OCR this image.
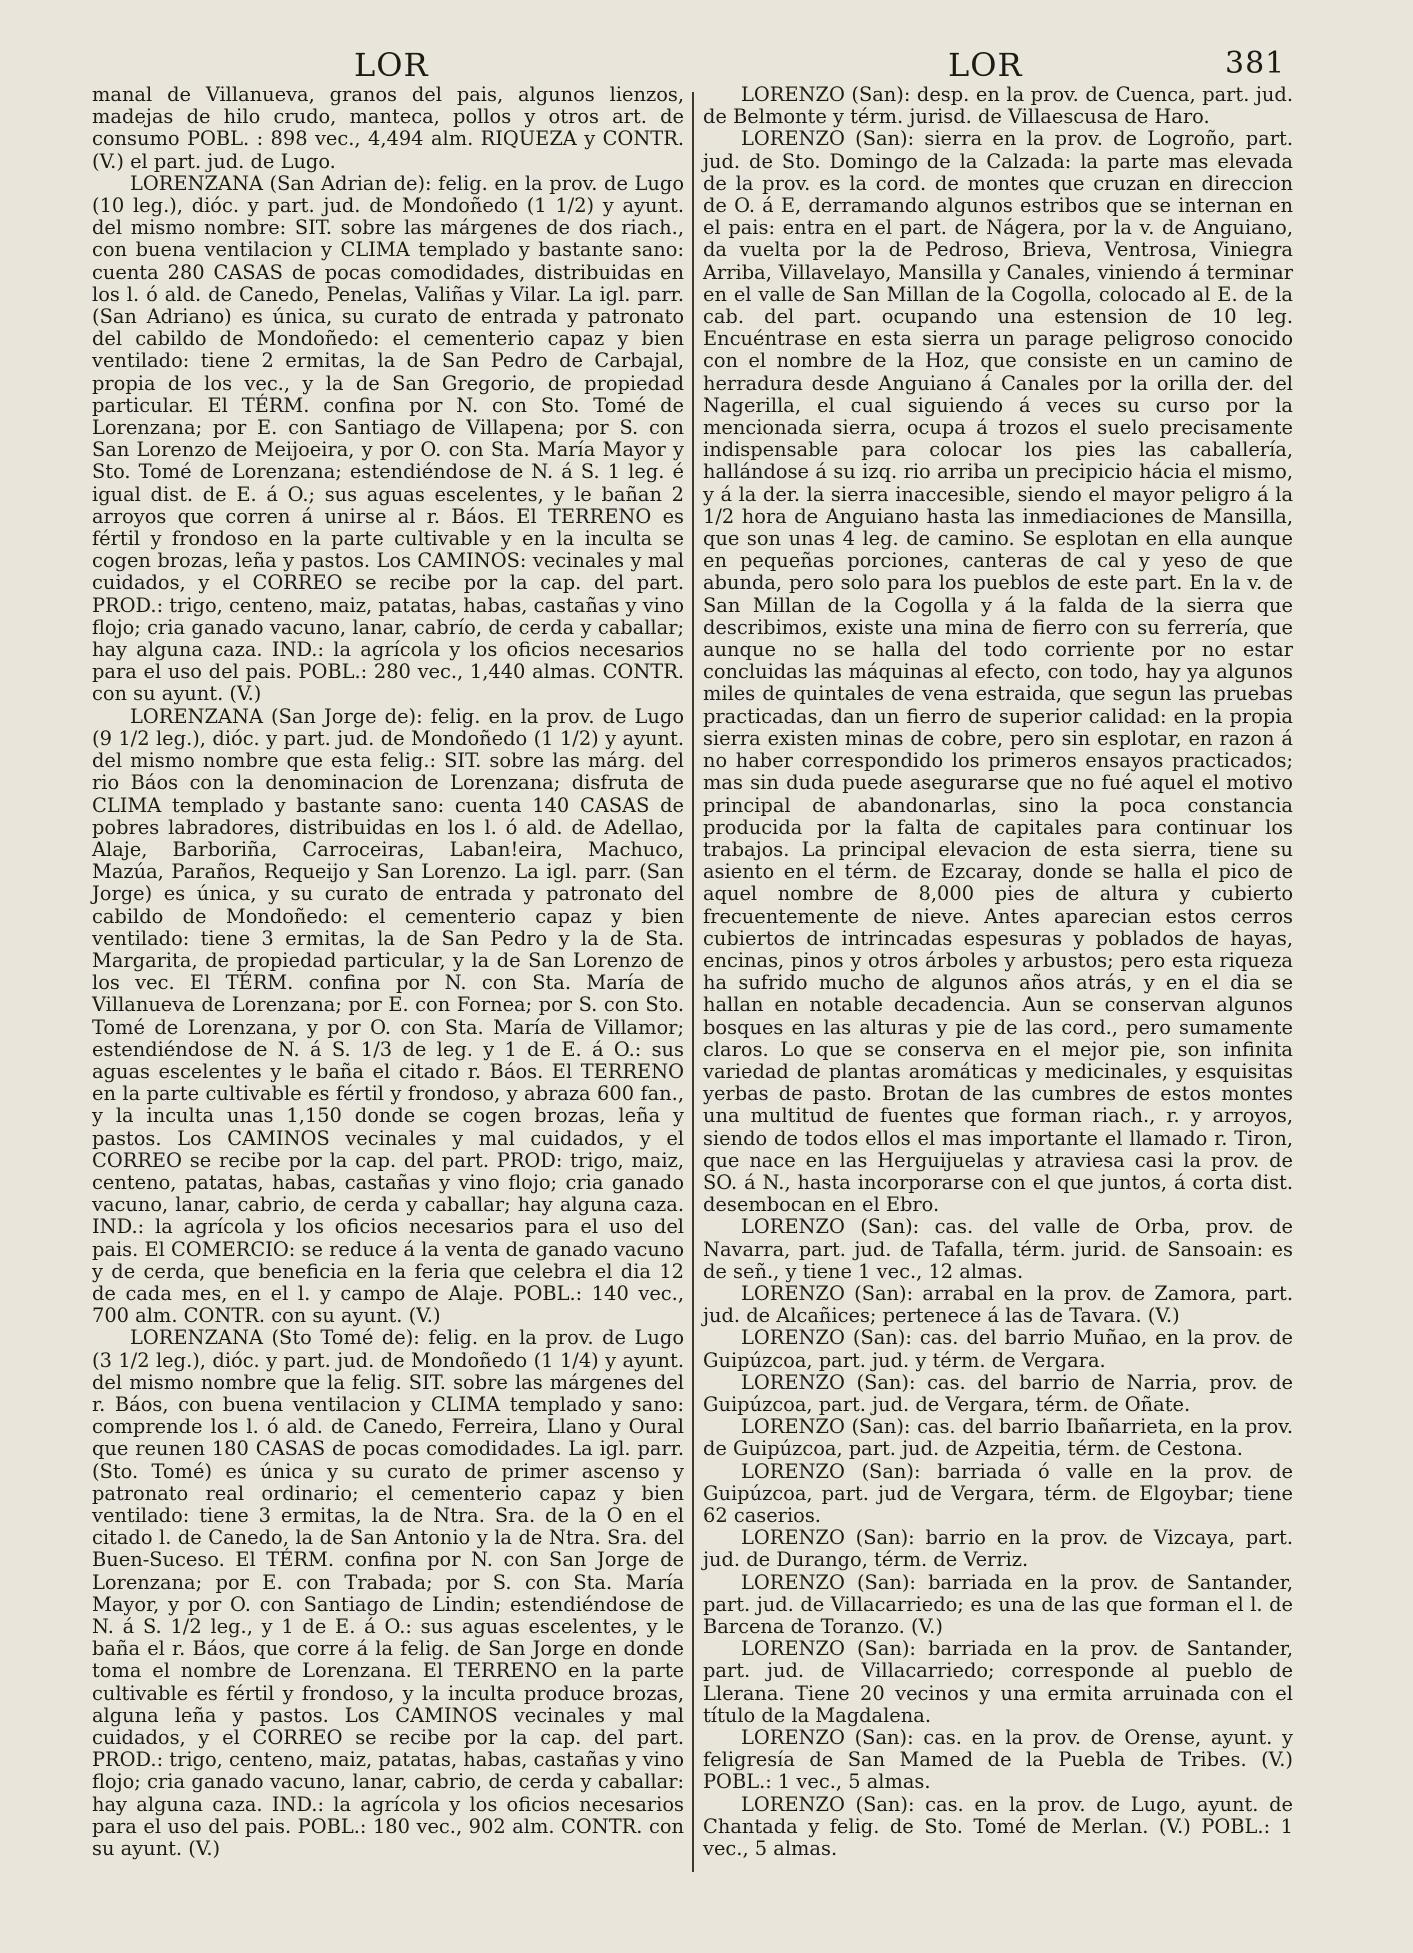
LOR	LOR	381

manal de Villanueva, granos del pais, algunos lienzos, madejas de hilo crudo, manteca, pollos y otros art. de consumo POBL. : 898 vec., 4,494 alm. RIQUEZA y CONTR. (V.) el part. jud. de Lugo.

LORENZANA (San Adrian de): felig. en la prov. de Lugo (10 leg.), dióc. y part. jud. de Mondoñedo (1 1/2) y ayunt. del mismo nombre: SIT. sobre las márgenes de dos riach., con buena ventilacion y CLIMA templado y bastante sano: cuenta 280 CASAS de pocas comodidades, distribuidas en los l. ó ald. de Canedo, Penelas, Valiñas y Vilar. La igl. parr. (San Adriano) es única, su curato de entrada y patronato del cabildo de Mondoñedo: el cementerio capaz y bien ventilado: tiene 2 ermitas, la de San Pedro de Carbajal, propia de los vec., y la de San Gregorio, de propiedad particular. El TÉRM. confina por N. con Sto. Tomé de Lorenzana; por E. con Santiago de Villapena; por S. con San Lorenzo de Meijoeira, y por O. con Sta. María Mayor y Sto. Tomé de Lorenzana; estendiéndose de N. á S. 1 leg. é igual dist. de E. á O.; sus aguas escelentes, y le bañan 2 arroyos que corren á unirse al r. Báos. El TERRENO es fértil y frondoso en la parte cultivable y en la inculta se cogen brozas, leña y pastos. Los CAMINOS: vecinales y mal cuidados, y el CORREO se recibe por la cap. del part. PROD.: trigo, centeno, maiz, patatas, habas, castañas y vino flojo; cria ganado vacuno, lanar, cabrío, de cerda y caballar; hay alguna caza. IND.: la agrícola y los oficios necesarios para el uso del pais. POBL.: 280 vec., 1,440 almas. CONTR. con su ayunt. (V.)

LORENZANA (San Jorge de): felig. en la prov. de Lugo (9 1/2 leg.), dióc. y part. jud. de Mondoñedo (1 1/2) y ayunt. del mismo nombre que esta felig.: SIT. sobre las márg. del rio Báos con la denominacion de Lorenzana; disfruta de CLIMA templado y bastante sano: cuenta 140 CASAS de pobres labradores, distribuidas en los l. ó ald. de Adellao, Alaje, Barboriña, Carroceiras, Laban!eira, Machuco, Mazúa, Paraños, Requeijo y San Lorenzo. La igl. parr. (San Jorge) es única, y su curato de entrada y patronato del cabildo de Mondoñedo: el cementerio capaz y bien ventilado: tiene 3 ermitas, la de San Pedro y la de Sta. Margarita, de propiedad particular, y la de San Lorenzo de los vec. El TÉRM. confina por N. con Sta. María de Villanueva de Lorenzana; por E. con Fornea; por S. con Sto. Tomé de Lorenzana, y por O. con Sta. María de Villamor; estendiéndose de N. á S. 1/3 de leg. y 1 de E. á O.: sus aguas escelentes y le baña el citado r. Báos. El TERRENO en la parte cultivable es fértil y frondoso, y abraza 600 fan., y la inculta unas 1,150 donde se cogen brozas, leña y pastos. Los CAMINOS vecinales y mal cuidados, y el CORREO se recibe por la cap. del part. PROD: trigo, maiz, centeno, patatas, habas, castañas y vino flojo; cria ganado vacuno, lanar, cabrio, de cerda y caballar; hay alguna caza. IND.: la agrícola y los oficios necesarios para el uso del pais. El COMERCIO: se reduce á la venta de ganado vacuno y de cerda, que beneficia en la feria que celebra el dia 12 de cada mes, en el l. y campo de Alaje. POBL.: 140 vec., 700 alm. CONTR. con su ayunt. (V.)

LORENZANA (Sto Tomé de): felig. en la prov. de Lugo (3 1/2 leg.), dióc. y part. jud. de Mondoñedo (1 1/4) y ayunt. del mismo nombre que la felig. SIT. sobre las márgenes del r. Báos, con buena ventilacion y CLIMA templado y sano: comprende los l. ó ald. de Canedo, Ferreira, Llano y Oural que reunen 180 CASAS de pocas comodidades. La igl. parr. (Sto. Tomé) es única y su curato de primer ascenso y patronato real ordinario; el cementerio capaz y bien ventilado: tiene 3 ermitas, la de Ntra. Sra. de la O en el citado l. de Canedo, la de San Antonio y la de Ntra. Sra. del Buen-Suceso. El TÉRM. confina por N. con San Jorge de Lorenzana; por E. con Trabada; por S. con Sta. María Mayor, y por O. con Santiago de Lindin; estendiéndose de N. á S. 1/2 leg., y 1 de E. á O.: sus aguas escelentes, y le baña el r. Báos, que corre á la felig. de San Jorge en donde toma el nombre de Lorenzana. El TERRENO en la parte cultivable es fértil y frondoso, y la inculta produce brozas, alguna leña y pastos. Los CAMINOS vecinales y mal cuidados, y el CORREO se recibe por la cap. del part. PROD.: trigo, centeno, maiz, patatas, habas, castañas y vino flojo; cria ganado vacuno, lanar, cabrio, de cerda y caballar: hay alguna caza. IND.: la agrícola y los oficios necesarios para el uso del pais. POBL.: 180 vec., 902 alm. CONTR. con su ayunt. (V.)

LORENZO (San): desp. en la prov. de Cuenca, part. jud. de Belmonte y térm. jurisd. de Villaescusa de Haro.

LORENZO (San): sierra en la prov. de Logroño, part. jud. de Sto. Domingo de la Calzada: la parte mas elevada de la prov. es la cord. de montes que cruzan en direccion de O. á E, derramando algunos estribos que se internan en el pais: entra en el part. de Nágera, por la v. de Anguiano, da vuelta por la de Pedroso, Brieva, Ventrosa, Viniegra Arriba, Villavelayo, Mansilla y Canales, viniendo á terminar en el valle de San Millan de la Cogolla, colocado al E. de la cab. del part. ocupando una estension de 10 leg. Encuéntrase en esta sierra un parage peligroso conocido con el nombre de la Hoz, que consiste en un camino de herradura desde Anguiano á Canales por la orilla der. del Nagerilla, el cual siguiendo á veces su curso por la mencionada sierra, ocupa á trozos el suelo precisamente indispensable para colocar los pies las caballería, hallándose á su izq. rio arriba un precipicio hácia el mismo, y á la der. la sierra inaccesible, siendo el mayor peligro á la 1/2 hora de Anguiano hasta las inmediaciones de Mansilla, que son unas 4 leg. de camino. Se esplotan en ella aunque en pequeñas porciones, canteras de cal y yeso de que abunda, pero solo para los pueblos de este part. En la v. de San Millan de la Cogolla y á la falda de la sierra que describimos, existe una mina de fierro con su ferrería, que aunque no se halla del todo corriente por no estar concluidas las máquinas al efecto, con todo, hay ya algunos miles de quintales de vena estraida, que segun las pruebas practicadas, dan un fierro de superior calidad: en la propia sierra existen minas de cobre, pero sin esplotar, en razon á no haber correspondido los primeros ensayos practicados; mas sin duda puede asegurarse que no fué aquel el motivo principal de abandonarlas, sino la poca constancia producida por la falta de capitales para continuar los trabajos. La principal elevacion de esta sierra, tiene su asiento en el térm. de Ezcaray, donde se halla el pico de aquel nombre de 8,000 pies de altura y cubierto frecuentemente de nieve. Antes aparecian estos cerros cubiertos de intrincadas espesuras y poblados de hayas, encinas, pinos y otros árboles y arbustos; pero esta riqueza ha sufrido mucho de algunos años atrás, y en el dia se hallan en notable decadencia. Aun se conservan algunos bosques en las alturas y pie de las cord., pero sumamente claros. Lo que se conserva en el mejor pie, son infinita variedad de plantas aromáticas y medicinales, y esquisitas yerbas de pasto. Brotan de las cumbres de estos montes una multitud de fuentes que forman riach., r. y arroyos, siendo de todos ellos el mas importante el llamado r. Tiron, que nace en las Herguijuelas y atraviesa casi la prov. de SO. á N., hasta incorporarse con el que juntos, á corta dist. desembocan en el Ebro.

LORENZO (San): cas. del valle de Orba, prov. de Navarra, part. jud. de Tafalla, térm. jurid. de Sansoain: es de señ., y tiene 1 vec., 12 almas.

LORENZO (San): arrabal en la prov. de Zamora, part. jud. de Alcañices; pertenece á las de Tavara. (V.)

LORENZO (San): cas. del barrio Muñao, en la prov. de Guipúzcoa, part. jud. y térm. de Vergara.

LORENZO (San): cas. del barrio de Narria, prov. de Guipúzcoa, part. jud. de Vergara, térm. de Oñate.

LORENZO (San): cas. del barrio Ibañarrieta, en la prov. de Guipúzcoa, part. jud. de Azpeitia, térm. de Cestona.

LORENZO (San): barriada ó valle en la prov. de Guipúzcoa, part. jud de Vergara, térm. de Elgoybar; tiene 62 caserios.

LORENZO (San): barrio en la prov. de Vizcaya, part. jud. de Durango, térm. de Verriz.

LORENZO (San): barriada en la prov. de Santander, part. jud. de Villacarriedo; es una de las que forman el l. de Barcena de Toranzo. (V.)

LORENZO (San): barriada en la prov. de Santander, part. jud. de Villacarriedo; corresponde al pueblo de Llerana. Tiene 20 vecinos y una ermita arruinada con el título de la Magdalena.

LORENZO (San): cas. en la prov. de Orense, ayunt. y feligresía de San Mamed de la Puebla de Tribes. (V.) POBL.: 1 vec., 5 almas.

LORENZO (San): cas. en la prov. de Lugo, ayunt. de Chantada y felig. de Sto. Tomé de Merlan. (V.) POBL.: 1 vec., 5 almas.
